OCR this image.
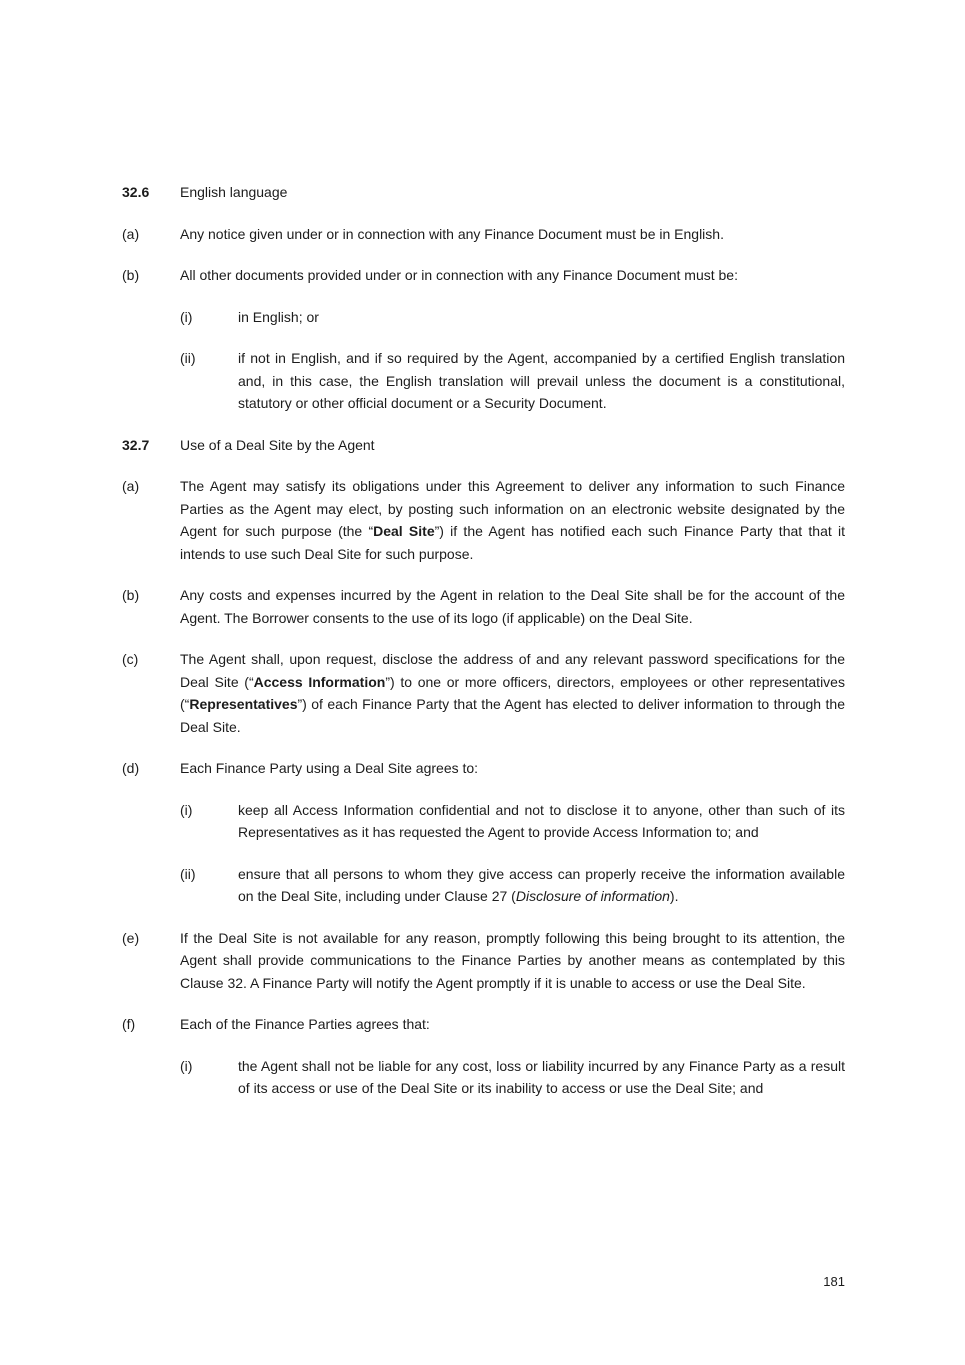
32.6	English language
(a)	Any notice given under or in connection with any Finance Document must be in English.

(b)	All other documents provided under or in connection with any Finance Document must be:

(i)	in English; or

(ii)	if not in English, and if so required by the Agent, accompanied by a certified English translation and, in this case, the English translation will prevail unless the document is a constitutional, statutory or other official document or a Security Document.

32.7	Use of a Deal Site by the Agent
(a)	The Agent may satisfy its obligations under this Agreement to deliver any information to such Finance Parties as the Agent may elect, by posting such information on an electronic website designated by the Agent for such purpose (the “Deal Site”) if the Agent has notified each such Finance Party that that it intends to use such Deal Site for such purpose.

(b)	Any costs and expenses incurred by the Agent in relation to the Deal Site shall be for the account of the Agent. The Borrower consents to the use of its logo (if applicable) on the Deal Site.

(c)	The Agent shall, upon request, disclose the address of and any relevant password specifications for the Deal Site (“Access Information”) to one or more officers, directors, employees or other representatives (“Representatives”) of each Finance Party that the Agent has elected to deliver information to through the Deal Site.

(d)	Each Finance Party using a Deal Site agrees to:

(i)	keep all Access Information confidential and not to disclose it to anyone, other than such of its Representatives as it has requested the Agent to provide Access Information to; and

(ii)	ensure that all persons to whom they give access can properly receive the information available on the Deal Site, including under Clause 27 (Disclosure of information).

(e)	If the Deal Site is not available for any reason, promptly following this being brought to its attention, the Agent shall provide communications to the Finance Parties by another means as contemplated by this Clause 32. A Finance Party will notify the Agent promptly if it is unable to access or use the Deal Site.

(f)	Each of the Finance Parties agrees that:

(i)	the Agent shall not be liable for any cost, loss or liability incurred by any Finance Party as a result of its access or use of the Deal Site or its inability to access or use the Deal Site; and

181
